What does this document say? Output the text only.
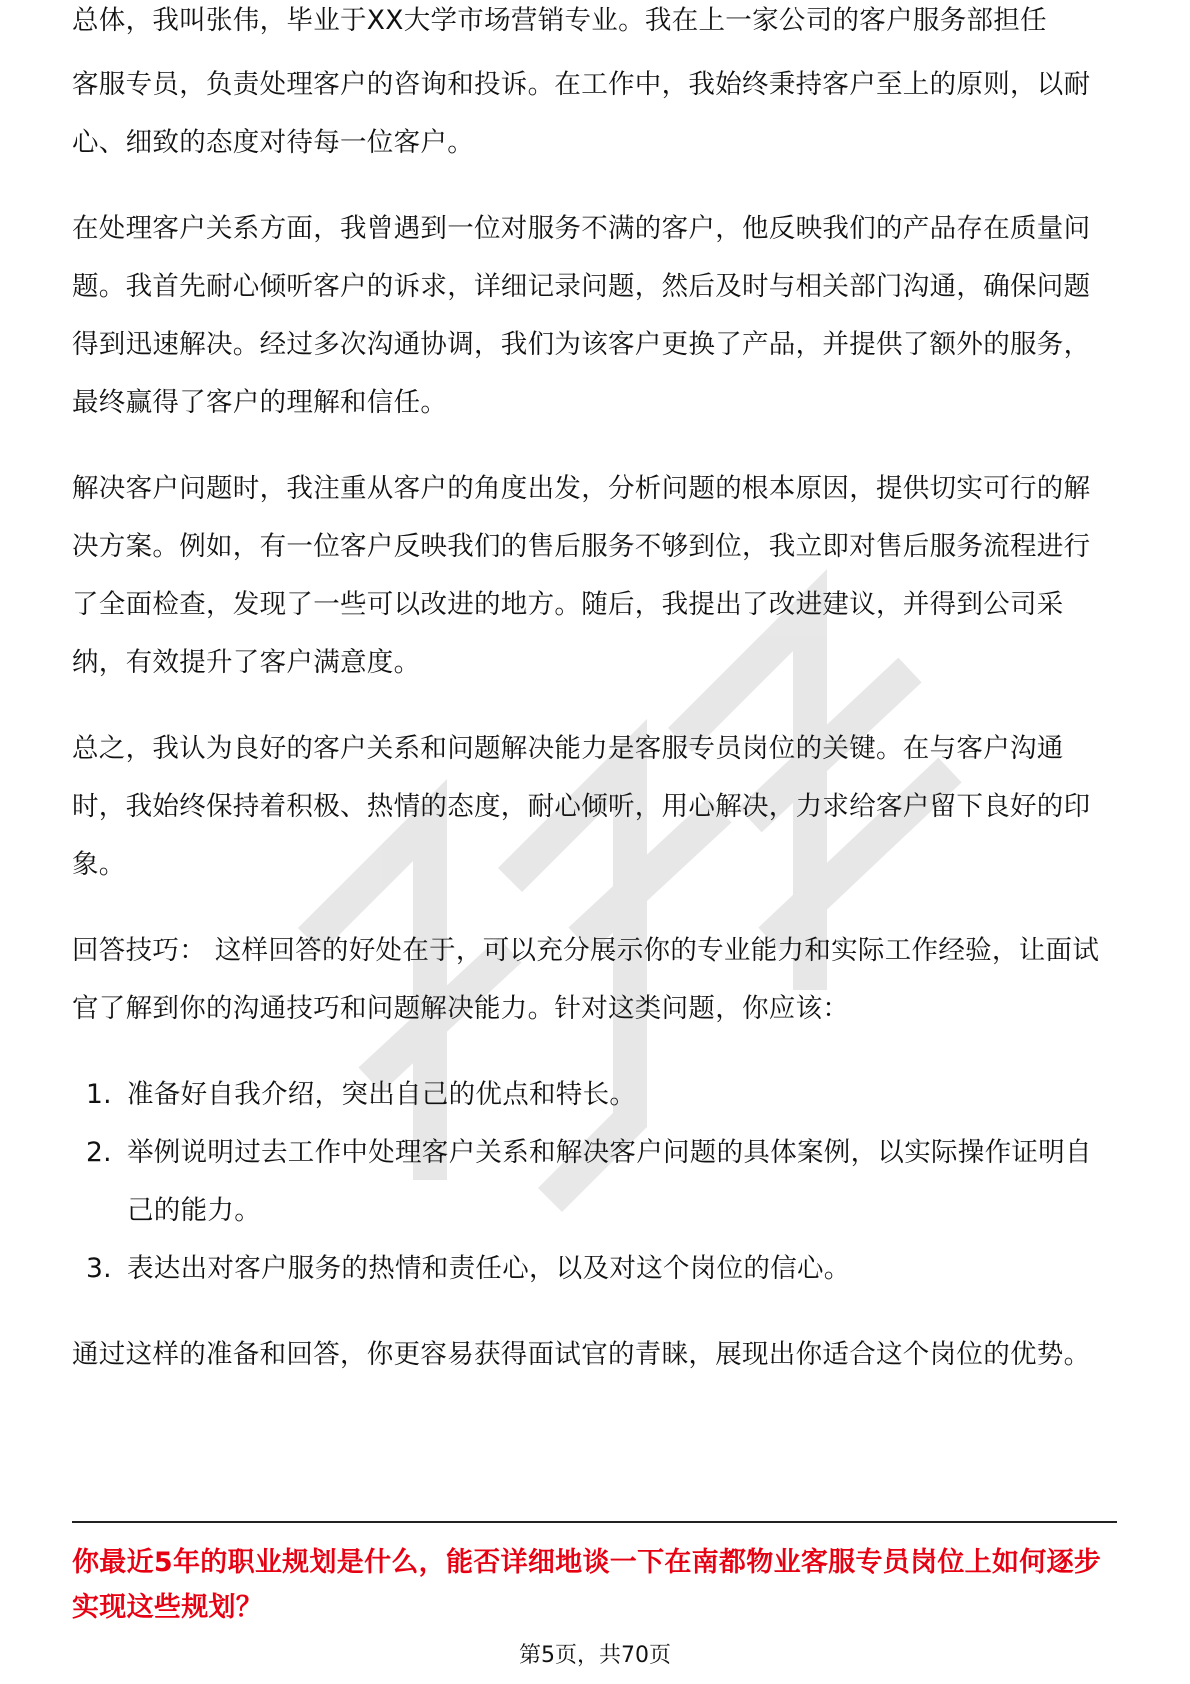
总体，我叫张伟，毕业于XX大学市场营销专业。我在上一家公司的客户服务部担任

客服专员，负责处理客户的咨询和投诉。在工作中，我始终秉持客户至上的原则，以耐心、细致的态度对待每一位客户。

在处理客户关系方面，我曾遇到一位对服务不满的客户，他反映我们的产品存在质量问题。我首先耐心倾听客户的诉求，详细记录问题，然后及时与相关部门沟通，确保问题得到迅速解决。经过多次沟通协调，我们为该客户更换了产品，并提供了额外的服务，最终赢得了客户的理解和信任。

解决客户问题时，我注重从客户的角度出发，分析问题的根本原因，提供切实可行的解决方案。例如，有一位客户反映我们的售后服务不够到位，我立即对售后服务流程进行了全面检查，发现了一些可以改进的地方。随后，我提出了改进建议，并得到公司采纳，有效提升了客户满意度。

总之，我认为良好的客户关系和问题解决能力是客服专员岗位的关键。在与客户沟通时，我始终保持着积极、热情的态度，耐心倾听，用心解决，力求给客户留下良好的印象。

回答技巧： 这样回答的好处在于，可以充分展示你的专业能力和实际工作经验，让面试官了解到你的沟通技巧和问题解决能力。针对这类问题，你应该：

1. 准备好自我介绍，突出自己的优点和特长。
2. 举例说明过去工作中处理客户关系和解决客户问题的具体案例，以实际操作证明自己的能力。
3. 表达出对客户服务的热情和责任心，以及对这个岗位的信心。

通过这样的准备和回答，你更容易获得面试官的青睐，展现出你适合这个岗位的优势。

你最近5年的职业规划是什么，能否详细地谈一下在南都物业客服专员岗位上如何逐步实现这些规划？
第5页，共70页
